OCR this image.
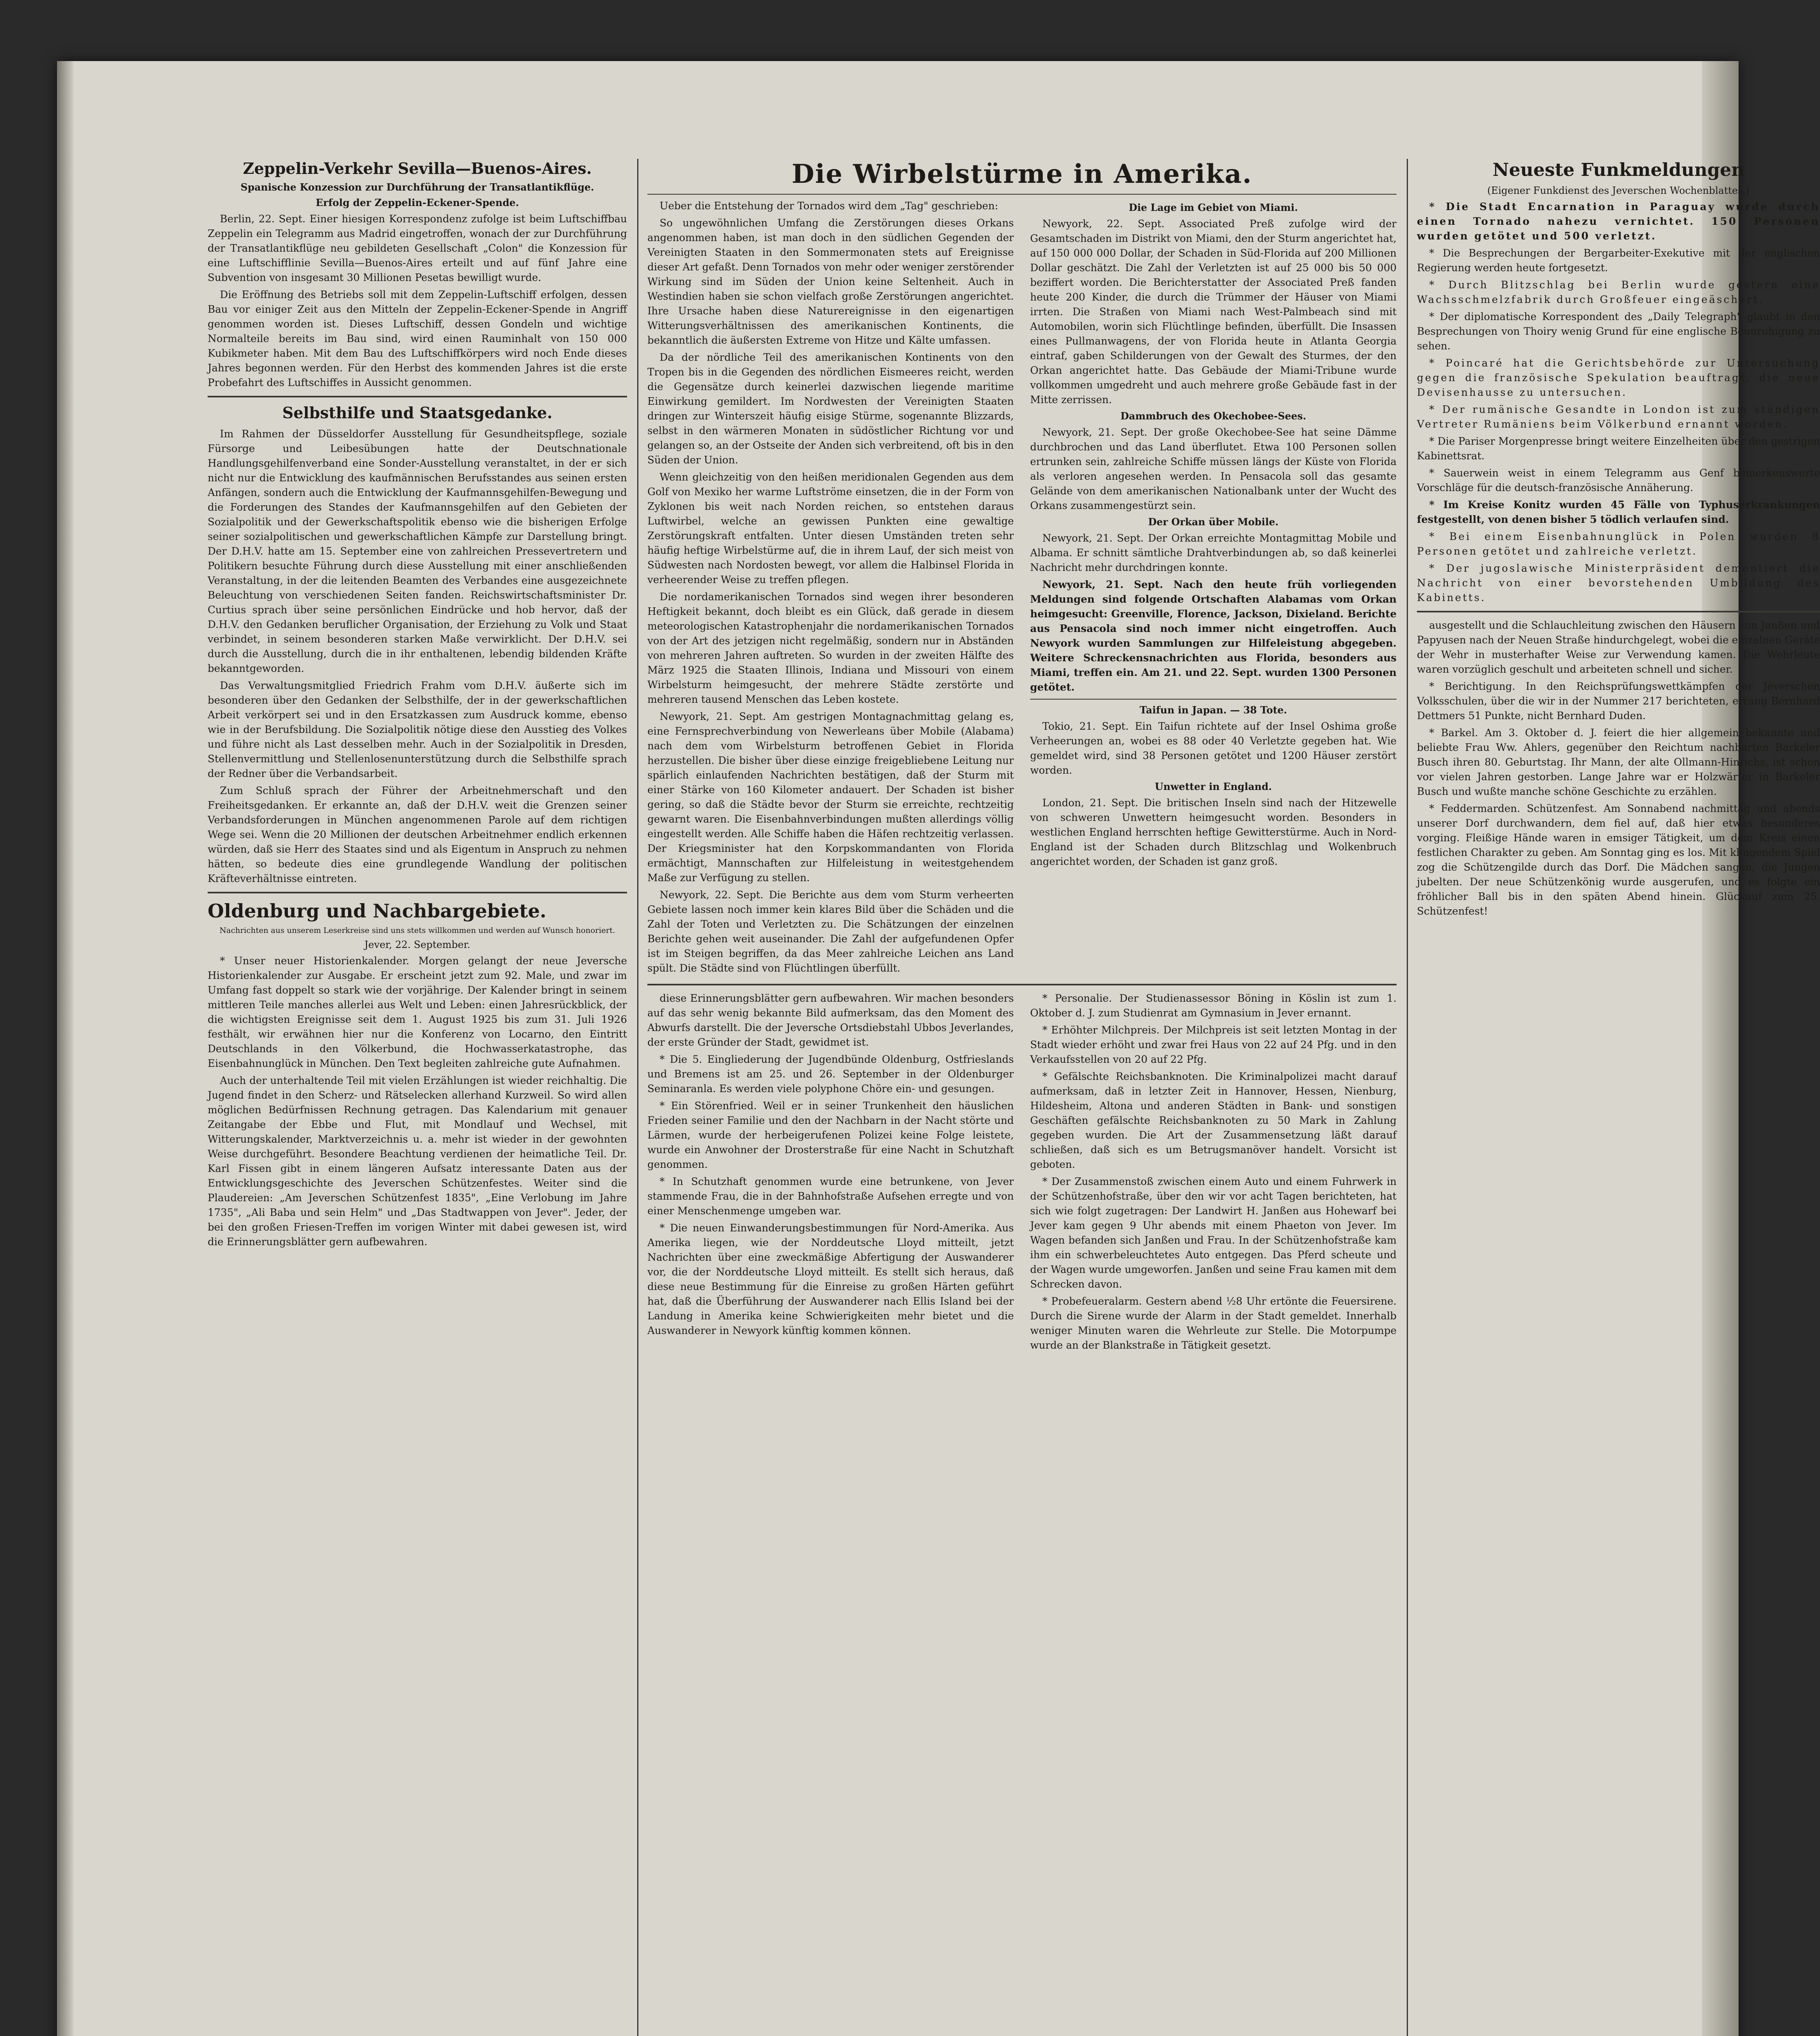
Zeppelin-Verkehr Sevilla—Buenos-Aires.
Spanische Konzession zur Durchführung der Transatlantikflüge.
Erfolg der Zeppelin-Eckener-Spende.

Berlin, 22. Sept. Einer hiesigen Korrespondenz zufolge ist beim Luftschiffbau Zeppelin ein Telegramm aus Madrid eingetroffen, wonach der zur Durchführung der Transatlantikflüge neu gebildeten Gesellschaft „Colon" die Konzession für eine Luftschifflinie Sevilla—Buenos-Aires erteilt und auf fünf Jahre eine Subvention von insgesamt 30 Millionen Pesetas bewilligt wurde.

Die Eröffnung des Betriebs soll mit dem Zeppelin-Luftschiff erfolgen, dessen Bau vor einiger Zeit aus den Mitteln der Zeppelin-Eckener-Spende in Angriff genommen worden ist. Dieses Luftschiff, dessen Gondeln und wichtige Normalteile bereits im Bau sind, wird einen Rauminhalt von 150 000 Kubikmeter haben. Mit dem Bau des Luftschiffkörpers wird noch Ende dieses Jahres begonnen werden. Für den Herbst des kommenden Jahres ist die erste Probefahrt des Luftschiffes in Aussicht genommen.

Selbsthilfe und Staatsgedanke.

Im Rahmen der Düsseldorfer Ausstellung für Gesundheitspflege, soziale Fürsorge und Leibesübungen hatte der Deutschnationale Handlungsgehilfenverband eine Sonder-Ausstellung veranstaltet, in der er sich nicht nur die Entwicklung des kaufmännischen Berufsstandes aus seinen ersten Anfängen, sondern auch die Entwicklung der Kaufmannsgehilfen-Bewegung und die Forderungen des Standes der Kaufmannsgehilfen auf den Gebieten der Sozialpolitik und der Gewerkschaftspolitik ebenso wie die bisherigen Erfolge seiner sozialpolitischen und gewerkschaftlichen Kämpfe zur Darstellung bringt. Der D.H.V. hatte am 15. September eine von zahlreichen Pressevertretern und Politikern besuchte Führung durch diese Ausstellung mit einer anschließenden Veranstaltung, in der die leitenden Beamten des Verbandes eine ausgezeichnete Beleuchtung von verschiedenen Seiten fanden. Reichswirtschaftsminister Dr. Curtius sprach über seine persönlichen Eindrücke und hob hervor, daß der D.H.V. den Gedanken beruflicher Organisation, der Erziehung zu Volk und Staat verbindet, in seinem besonderen starken Maße verwirklicht. Der D.H.V. sei durch die Ausstellung, durch die in ihr enthaltenen, lebendig bildenden Kräfte bekanntgeworden.

Das Verwaltungsmitglied Friedrich Frahm vom D.H.V. äußerte sich im besonderen über den Gedanken der Selbsthilfe, der in der gewerkschaftlichen Arbeit verkörpert sei und in den Ersatzkassen zum Ausdruck komme, ebenso wie in der Berufsbildung. Die Sozialpolitik nötige diese den Ausstieg des Volkes und führe nicht als Last desselben mehr. Auch in der Sozialpolitik in Dresden, Stellenvermittlung und Stellenlosenunterstützung durch die Selbsthilfe sprach der Redner über die Verbandsarbeit.

Zum Schluß sprach der Führer der Arbeitnehmerschaft und den Freiheitsgedanken. Er erkannte an, daß der D.H.V. weit die Grenzen seiner Verbandsforderungen in München angenommenen Parole auf dem richtigen Wege sei. Wenn die 20 Millionen der deutschen Arbeitnehmer endlich erkennen würden, daß sie Herr des Staates sind und als Eigentum in Anspruch zu nehmen hätten, so bedeute dies eine grundlegende Wandlung der politischen Kräfteverhältnisse eintreten.

Oldenburg und Nachbargebiete.
Nachrichten aus unserem Leserkreise sind uns stets willkommen und werden auf Wunsch honoriert.
Jever, 22. September.

* Unser neuer Historienkalender. Morgen gelangt der neue Jeversche Historienkalender zur Ausgabe. Er erscheint jetzt zum 92. Male, und zwar im Umfang fast doppelt so stark wie der vorjährige. Der Kalender bringt in seinem mittleren Teile manches allerlei aus Welt und Leben: einen Jahresrückblick, der die wichtigsten Ereignisse seit dem 1. August 1925 bis zum 31. Juli 1926 festhält, wir erwähnen hier nur die Konferenz von Locarno, den Eintritt Deutschlands in den Völkerbund, die Hochwasserkatastrophe, das Eisenbahnunglück in München. Den Text begleiten zahlreiche gute Aufnahmen.

Auch der unterhaltende Teil mit vielen Erzählungen ist wieder reichhaltig. Die Jugend findet in den Scherz- und Rätselecken allerhand Kurzweil. So wird allen möglichen Bedürfnissen Rechnung getragen. Das Kalendarium mit genauer Zeitangabe der Ebbe und Flut, mit Mondlauf und Wechsel, mit Witterungskalender, Marktverzeichnis u. a. mehr ist wieder in der gewohnten Weise durchgeführt. Besondere Beachtung verdienen der heimatliche Teil. Dr. Karl Fissen gibt in einem längeren Aufsatz interessante Daten aus der Entwicklungsgeschichte des Jeverschen Schützenfestes. Weiter sind die Plaudereien: „Am Jeverschen Schützenfest 1835", „Eine Verlobung im Jahre 1735", „Ali Baba und sein Helm" und „Das Stadtwappen von Jever". Jeder, der bei den großen Friesen-Treffen im vorigen Winter mit dabei gewesen ist, wird die Erinnerungsblätter gern aufbewahren.

Die Wirbelstürme in Amerika.

Ueber die Entstehung der Tornados wird dem „Tag" geschrieben:

So ungewöhnlichen Umfang die Zerstörungen dieses Orkans angenommen haben, ist man doch in den südlichen Gegenden der Vereinigten Staaten in den Sommermonaten stets auf Ereignisse dieser Art gefaßt. Denn Tornados von mehr oder weniger zerstörender Wirkung sind im Süden der Union keine Seltenheit. Auch in Westindien haben sie schon vielfach große Zerstörungen angerichtet. Ihre Ursache haben diese Naturereignisse in den eigenartigen Witterungsverhältnissen des amerikanischen Kontinents, die bekanntlich die äußersten Extreme von Hitze und Kälte umfassen.

Da der nördliche Teil des amerikanischen Kontinents von den Tropen bis in die Gegenden des nördlichen Eismeeres reicht, werden die Gegensätze durch keinerlei dazwischen liegende maritime Einwirkung gemildert. Im Nordwesten der Vereinigten Staaten dringen zur Winterszeit häufig eisige Stürme, sogenannte Blizzards, selbst in den wärmeren Monaten in südöstlicher Richtung vor und gelangen so, an der Ostseite der Anden sich verbreitend, oft bis in den Süden der Union.

Wenn gleichzeitig von den heißen meridionalen Gegenden aus dem Golf von Mexiko her warme Luftströme einsetzen, die in der Form von Zyklonen bis weit nach Norden reichen, so entstehen daraus Luftwirbel, welche an gewissen Punkten eine gewaltige Zerstörungskraft entfalten. Unter diesen Umständen treten sehr häufig heftige Wirbelstürme auf, die in ihrem Lauf, der sich meist von Südwesten nach Nordosten bewegt, vor allem die Halbinsel Florida in verheerender Weise zu treffen pflegen.

Die nordamerikanischen Tornados sind wegen ihrer besonderen Heftigkeit bekannt, doch bleibt es ein Glück, daß gerade in diesem meteorologischen Katastrophenjahr die nordamerikanischen Tornados von der Art des jetzigen nicht regelmäßig, sondern nur in Abständen von mehreren Jahren auftreten. So wurden in der zweiten Hälfte des März 1925 die Staaten Illinois, Indiana und Missouri von einem Wirbelsturm heimgesucht, der mehrere Städte zerstörte und mehreren tausend Menschen das Leben kostete.

Newyork, 21. Sept. Am gestrigen Montagnachmittag gelang es, eine Fernsprechverbindung von Newerleans über Mobile (Alabama) nach dem vom Wirbelsturm betroffenen Gebiet in Florida herzustellen. Die bisher über diese einzige freigebliebene Leitung nur spärlich einlaufenden Nachrichten bestätigen, daß der Sturm mit einer Stärke von 160 Kilometer andauert. Der Schaden ist bisher gering, so daß die Städte bevor der Sturm sie erreichte, rechtzeitig gewarnt waren. Die Eisenbahnverbindungen mußten allerdings völlig eingestellt werden. Alle Schiffe haben die Häfen rechtzeitig verlassen. Der Kriegsminister hat den Korpskommandanten von Florida ermächtigt, Mannschaften zur Hilfeleistung in weitestgehendem Maße zur Verfügung zu stellen.

Newyork, 22. Sept. Die Berichte aus dem vom Sturm verheerten Gebiete lassen noch immer kein klares Bild über die Schäden und die Zahl der Toten und Verletzten zu. Die Schätzungen der einzelnen Berichte gehen weit auseinander. Die Zahl der aufgefundenen Opfer ist im Steigen begriffen, da das Meer zahlreiche Leichen ans Land spült. Die Städte sind von Flüchtlingen überfüllt.

Die Lage im Gebiet von Miami.

Newyork, 22. Sept. Associated Preß zufolge wird der Gesamtschaden im Distrikt von Miami, den der Sturm angerichtet hat, auf 150 000 000 Dollar, der Schaden in Süd-Florida auf 200 Millionen Dollar geschätzt. Die Zahl der Verletzten ist auf 25 000 bis 50 000 beziffert worden. Die Berichterstatter der Associated Preß fanden heute 200 Kinder, die durch die Trümmer der Häuser von Miami irrten. Die Straßen von Miami nach West-Palmbeach sind mit Automobilen, worin sich Flüchtlinge befinden, überfüllt. Die Insassen eines Pullmanwagens, der von Florida heute in Atlanta Georgia eintraf, gaben Schilderungen von der Gewalt des Sturmes, der den Orkan angerichtet hatte. Das Gebäude der Miami-Tribune wurde vollkommen umgedreht und auch mehrere große Gebäude fast in der Mitte zerrissen.

Dammbruch des Okechobee-Sees.

Newyork, 21. Sept. Der große Okechobee-See hat seine Dämme durchbrochen und das Land überflutet. Etwa 100 Personen sollen ertrunken sein, zahlreiche Schiffe müssen längs der Küste von Florida als verloren angesehen werden. In Pensacola soll das gesamte Gelände von dem amerikanischen Nationalbank unter der Wucht des Orkans zusammengestürzt sein.

Der Orkan über Mobile.

Newyork, 21. Sept. Der Orkan erreichte Montagmittag Mobile und Albama. Er schnitt sämtliche Drahtverbindungen ab, so daß keinerlei Nachricht mehr durchdringen konnte.

Newyork, 21. Sept. Nach den heute früh vorliegenden Meldungen sind folgende Ortschaften Alabamas vom Orkan heimgesucht: Greenville, Florence, Jackson, Dixieland. Berichte aus Pensacola sind noch immer nicht eingetroffen. Auch Newyork wurden Sammlungen zur Hilfeleistung abgegeben. Weitere Schreckensnachrichten aus Florida, besonders aus Miami, treffen ein. Am 21. und 22. Sept. wurden 1300 Personen getötet.

Taifun in Japan. — 38 Tote.

Tokio, 21. Sept. Ein Taifun richtete auf der Insel Oshima große Verheerungen an, wobei es 88 oder 40 Verletzte gegeben hat. Wie gemeldet wird, sind 38 Personen getötet und 1200 Häuser zerstört worden.

Unwetter in England.

London, 21. Sept. Die britischen Inseln sind nach der Hitzewelle von schweren Unwettern heimgesucht worden. Besonders in westlichen England herrschten heftige Gewitterstürme. Auch in Nord-England ist der Schaden durch Blitzschlag und Wolkenbruch angerichtet worden, der Schaden ist ganz groß.

diese Erinnerungsblätter gern aufbewahren. Wir machen besonders auf das sehr wenig bekannte Bild aufmerksam, das den Moment des Abwurfs darstellt. Die der Jeversche Ortsdiebstahl Ubbos Jeverlandes, der erste Gründer der Stadt, gewidmet ist.

* Die 5. Eingliederung der Jugendbünde Oldenburg, Ostfrieslands und Bremens ist am 25. und 26. September in der Oldenburger Seminaranla. Es werden viele polyphone Chöre ein- und gesungen.

* Ein Störenfried. Weil er in seiner Trunkenheit den häuslichen Frieden seiner Familie und den der Nachbarn in der Nacht störte und Lärmen, wurde der herbeigerufenen Polizei keine Folge leistete, wurde ein Anwohner der Drosterstraße für eine Nacht in Schutzhaft genommen.

* In Schutzhaft genommen wurde eine betrunkene, von Jever stammende Frau, die in der Bahnhofstraße Aufsehen erregte und von einer Menschenmenge umgeben war.

* Die neuen Einwanderungsbestimmungen für Nord-Amerika. Aus Amerika liegen, wie der Norddeutsche Lloyd mitteilt, jetzt Nachrichten über eine zweckmäßige Abfertigung der Auswanderer vor, die der Norddeutsche Lloyd mitteilt. Es stellt sich heraus, daß diese neue Bestimmung für die Einreise zu großen Härten geführt hat, daß die Überführung der Auswanderer nach Ellis Island bei der Landung in Amerika keine Schwierigkeiten mehr bietet und die Auswanderer in Newyork künftig kommen können.

* Personalie. Der Studienassessor Böning in Köslin ist zum 1. Oktober d. J. zum Studienrat am Gymnasium in Jever ernannt.

* Erhöhter Milchpreis. Der Milchpreis ist seit letzten Montag in der Stadt wieder erhöht und zwar frei Haus von 22 auf 24 Pfg. und in den Verkaufsstellen von 20 auf 22 Pfg.

* Gefälschte Reichsbanknoten. Die Kriminalpolizei macht darauf aufmerksam, daß in letzter Zeit in Hannover, Hessen, Nienburg, Hildesheim, Altona und anderen Städten in Bank- und sonstigen Geschäften gefälschte Reichsbanknoten zu 50 Mark in Zahlung gegeben wurden. Die Art der Zusammensetzung läßt darauf schließen, daß sich es um Betrugsmanöver handelt. Vorsicht ist geboten.

* Der Zusammenstoß zwischen einem Auto und einem Fuhrwerk in der Schützenhofstraße, über den wir vor acht Tagen berichteten, hat sich wie folgt zugetragen: Der Landwirt H. Janßen aus Hohewarf bei Jever kam gegen 9 Uhr abends mit einem Phaeton von Jever. Im Wagen befanden sich Janßen und Frau. In der Schützenhofstraße kam ihm ein schwerbeleuchtetes Auto entgegen. Das Pferd scheute und der Wagen wurde umgeworfen. Janßen und seine Frau kamen mit dem Schrecken davon.

* Probefeueralarm. Gestern abend ½8 Uhr ertönte die Feuersirene. Durch die Sirene wurde der Alarm in der Stadt gemeldet. Innerhalb weniger Minuten waren die Wehrleute zur Stelle. Die Motorpumpe wurde an der Blankstraße in Tätigkeit gesetzt.

Neueste Funkmeldungen
(Eigener Funkdienst des Jeverschen Wochenblattes.)

* Die Stadt Encarnation in Paraguay wurde durch einen Tornado nahezu vernichtet. 150 Personen wurden getötet und 500 verletzt.

* Die Besprechungen der Bergarbeiter-Exekutive mit der englischen Regierung werden heute fortgesetzt.

* Durch Blitzschlag bei Berlin wurde gestern eine Wachsschmelzfabrik durch Großfeuer eingeäschert.

* Der diplomatische Korrespondent des „Daily Telegraph" glaubt in den Besprechungen von Thoiry wenig Grund für eine englische Beunruhigung zu sehen.

* Poincaré hat die Gerichtsbehörde zur Untersuchung gegen die französische Spekulation beauftragt, die neue Devisenhausse zu untersuchen.

* Der rumänische Gesandte in London ist zum ständigen Vertreter Rumäniens beim Völkerbund ernannt worden.

* Die Pariser Morgenpresse bringt weitere Einzelheiten über den gestrigen Kabinettsrat.

* Sauerwein weist in einem Telegramm aus Genf bemerkenswerte Vorschläge für die deutsch-französische Annäherung.

* Im Kreise Konitz wurden 45 Fälle von Typhuserkrankungen festgestellt, von denen bisher 5 tödlich verlaufen sind.

* Bei einem Eisenbahnunglück in Polen wurden 8 Personen getötet und zahlreiche verletzt.

* Der jugoslawische Ministerpräsident dementiert die Nachricht von einer bevorstehenden Umbildung des Kabinetts.

ausgestellt und die Schlauchleitung zwischen den Häusern von Janßen und Papyusen nach der Neuen Straße hindurchgelegt, wobei die einzelnen Geräte der Wehr in musterhafter Weise zur Verwendung kamen. Die Wehrleute waren vorzüglich geschult und arbeiteten schnell und sicher.

* Berichtigung. In den Reichsprüfungswettkämpfen der Jeverschen Volksschulen, über die wir in der Nummer 217 berichteten, errang Bernhard Dettmers 51 Punkte, nicht Bernhard Duden.

* Barkel. Am 3. Oktober d. J. feiert die hier allgemein bekannte und beliebte Frau Ww. Ahlers, gegenüber den Reichtum nachbarten Barkeler Busch ihren 80. Geburtstag. Ihr Mann, der alte Ollmann-Hinrichs, ist schon vor vielen Jahren gestorben. Lange Jahre war er Holzwärter in Barkeler Busch und wußte manche schöne Geschichte zu erzählen.

* Feddermarden. Schützenfest. Am Sonnabend nachmittag und abends unserer Dorf durchwandern, dem fiel auf, daß hier etwas besonderes vorging. Fleißige Hände waren in emsiger Tätigkeit, um dem Kreis einen festlichen Charakter zu geben. Am Sonntag ging es los. Mit klingendem Spiel zog die Schützengilde durch das Dorf. Die Mädchen sangen, die Jungen jubelten. Der neue Schützenkönig wurde ausgerufen, und es folgte ein fröhlicher Ball bis in den späten Abend hinein. Glückauf zum 25. Schützenfest!
